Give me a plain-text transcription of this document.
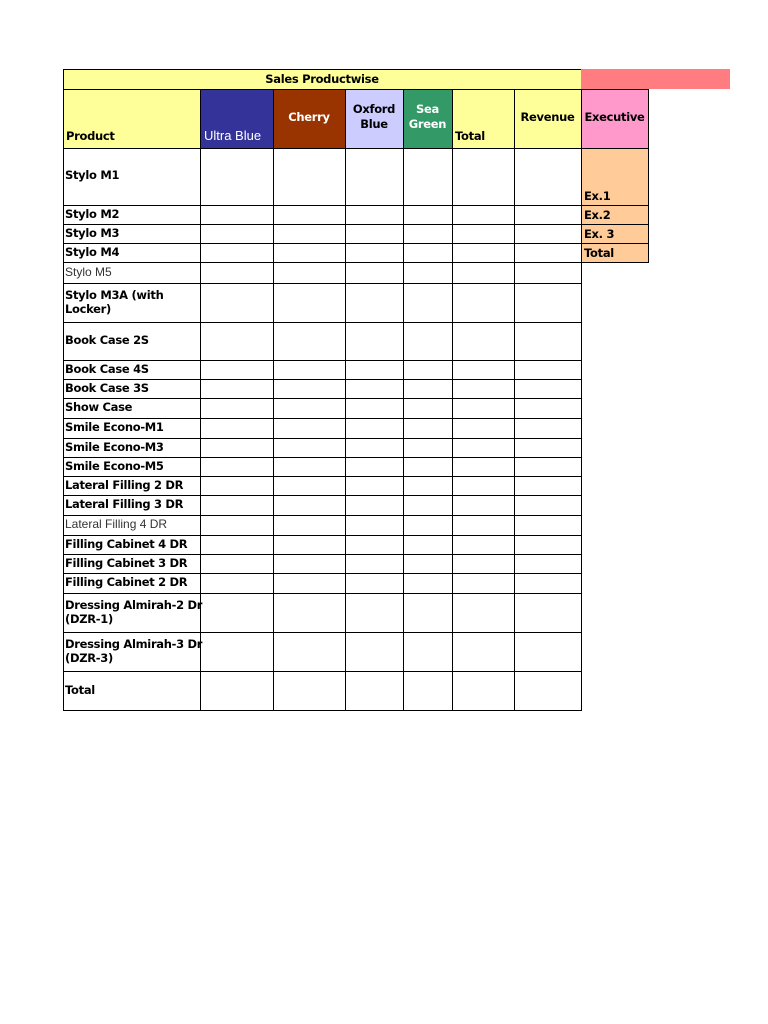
Sales Productwise
Product	Ultra Blue
Cherry
Oxford
Blue
Sea
Green
Total
Revenue Executive
Ex.1
Ex.2
Ex. 3
Total
Stylo M1
Stylo M2
Stylo M3
Stylo M4
Stylo M5
Stylo M3A (with
Locker)
Book Case 2S
Book Case 4S
Book Case 3S
Show Case
Smile Econo-M1
Smile Econo-M3
Smile Econo-M5
Lateral Filling 2 DR
Lateral Filling 3 DR
Lateral Filling 4 DR
Filling Cabinet 4 DR
Filling Cabinet 3 DR
Filling Cabinet 2 DR
Dressing Almirah-2 Dr
(DZR-1)
Dressing Almirah-3 Dr
(DZR-3)
Total
